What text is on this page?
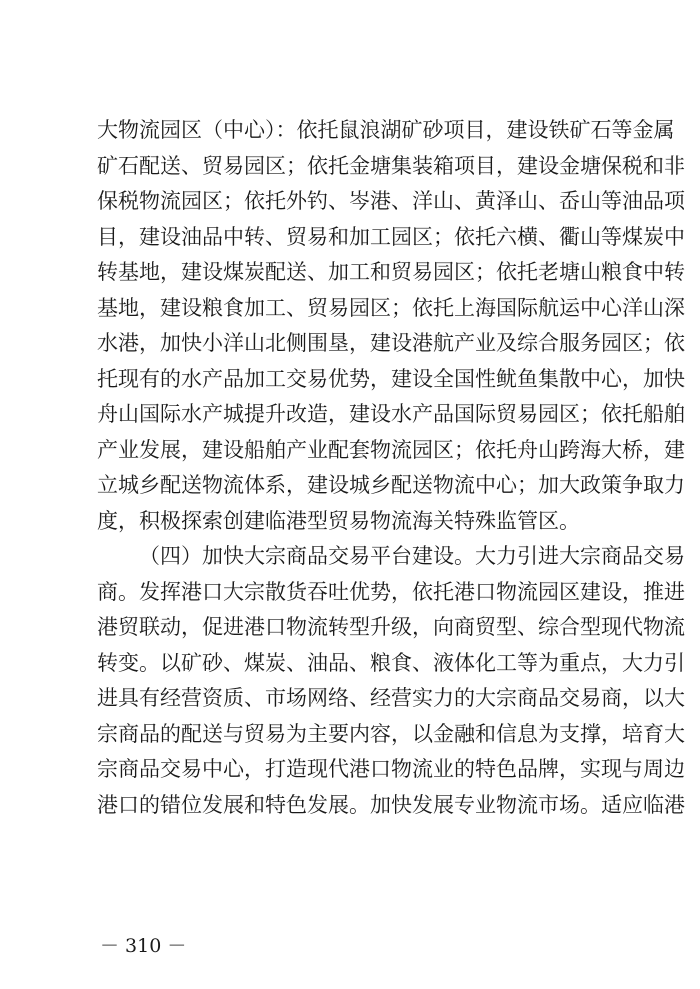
大物流园区（中心）：依托鼠浪湖矿砂项目，建设铁矿石等金属
矿石配送、贸易园区；依托金塘集装箱项目，建设金塘保税和非
保税物流园区；依托外钓、岑港、洋山、黄泽山、岙山等油品项
目，建设油品中转、贸易和加工园区；依托六横、衢山等煤炭中
转基地，建设煤炭配送、加工和贸易园区；依托老塘山粮食中转
基地，建设粮食加工、贸易园区；依托上海国际航运中心洋山深
水港，加快小洋山北侧围垦，建设港航产业及综合服务园区；依
托现有的水产品加工交易优势，建设全国性鱿鱼集散中心，加快
舟山国际水产城提升改造，建设水产品国际贸易园区；依托船舶
产业发展，建设船舶产业配套物流园区；依托舟山跨海大桥，建
立城乡配送物流体系，建设城乡配送物流中心；加大政策争取力
度，积极探索创建临港型贸易物流海关特殊监管区。
（四）加快大宗商品交易平台建设。大力引进大宗商品交易
商。发挥港口大宗散货吞吐优势，依托港口物流园区建设，推进
港贸联动，促进港口物流转型升级，向商贸型、综合型现代物流
转变。以矿砂、煤炭、油品、粮食、液体化工等为重点，大力引
进具有经营资质、市场网络、经营实力的大宗商品交易商，以大
宗商品的配送与贸易为主要内容，以金融和信息为支撑，培育大
宗商品交易中心，打造现代港口物流业的特色品牌，实现与周边
港口的错位发展和特色发展。加快发展专业物流市场。适应临港
－ 310 －
